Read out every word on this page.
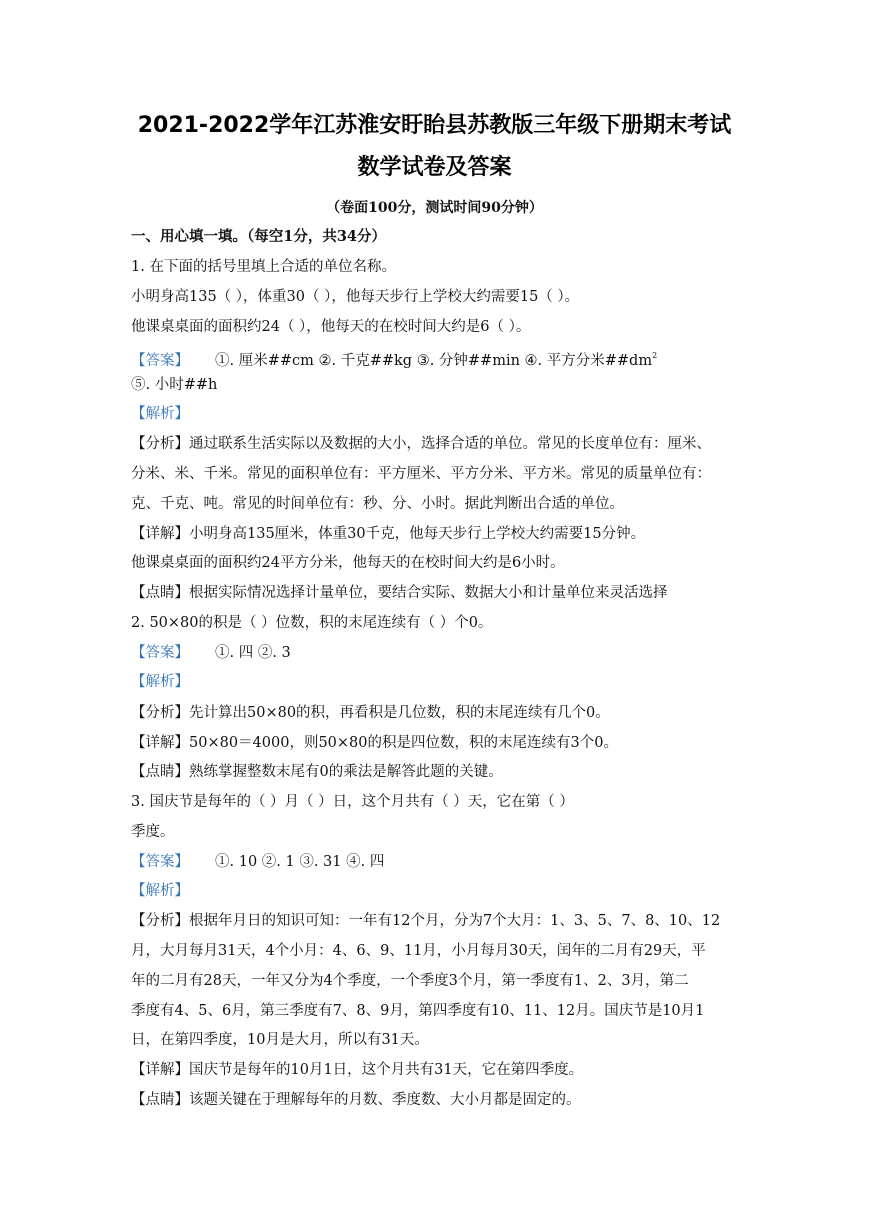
2021-2022学年江苏淮安盱眙县苏教版三年级下册期末考试
数学试卷及答案
（卷面100分，测试时间90分钟）
一、用心填一填。（每空1分，共34分）
1. 在下面的括号里填上合适的单位名称。
小明身高135（ ），体重30（ ），他每天步行上学校大约需要15（ ）。
他课桌桌面的面积约24（ ），他每天的在校时间大约是6（ ）。
【答案】 ①. 厘米##cm ②. 千克##kg ③. 分钟##min ④. 平方分米$\#\#dm^2$
⑤. 小时##h
【解析】
【分析】通过联系生活实际以及数据的大小，选择合适的单位。常见的长度单位有：厘米、
分米、米、千米。常见的面积单位有：平方厘米、平方分米、平方米。常见的质量单位有：
克、千克、吨。常见的时间单位有：秒、分、小时。据此判断出合适的单位。
【详解】小明身高135厘米，体重30千克，他每天步行上学校大约需要15分钟。
他课桌桌面的面积约24平方分米，他每天的在校时间大约是6小时。
【点睛】根据实际情况选择计量单位，要结合实际、数据大小和计量单位来灵活选择
2. 50×80的积是（ ）位数，积的末尾连续有（ ）个0。
【答案】 ①. 四 ②. 3
【解析】
【分析】先计算出50×80的积，再看积是几位数，积的末尾连续有几个0。
【详解】50×80＝4000，则50×80的积是四位数，积的末尾连续有3个0。
【点睛】熟练掌握整数末尾有0的乘法是解答此题的关键。
3. 国庆节是每年的（ ）月（ ）日，这个月共有（ ）天，它在第（ ）
季度。
【答案】 ①. 10 ②. 1 ③. 31 ④. 四
【解析】
【分析】根据年月日的知识可知：一年有12个月，分为7个大月：1、3、5、7、8、10、12
月，大月每月31天，4个小月：4、6、9、11月，小月每月30天，闰年的二月有29天，平
年的二月有28天，一年又分为4个季度，一个季度3个月，第一季度有1、2、3月，第二
季度有4、5、6月，第三季度有7、8、9月，第四季度有10、11、12月。国庆节是10月1
日，在第四季度，10月是大月，所以有31天。
【详解】国庆节是每年的10月1日，这个月共有31天，它在第四季度。
【点睛】该题关键在于理解每年的月数、季度数、大小月都是固定的。
